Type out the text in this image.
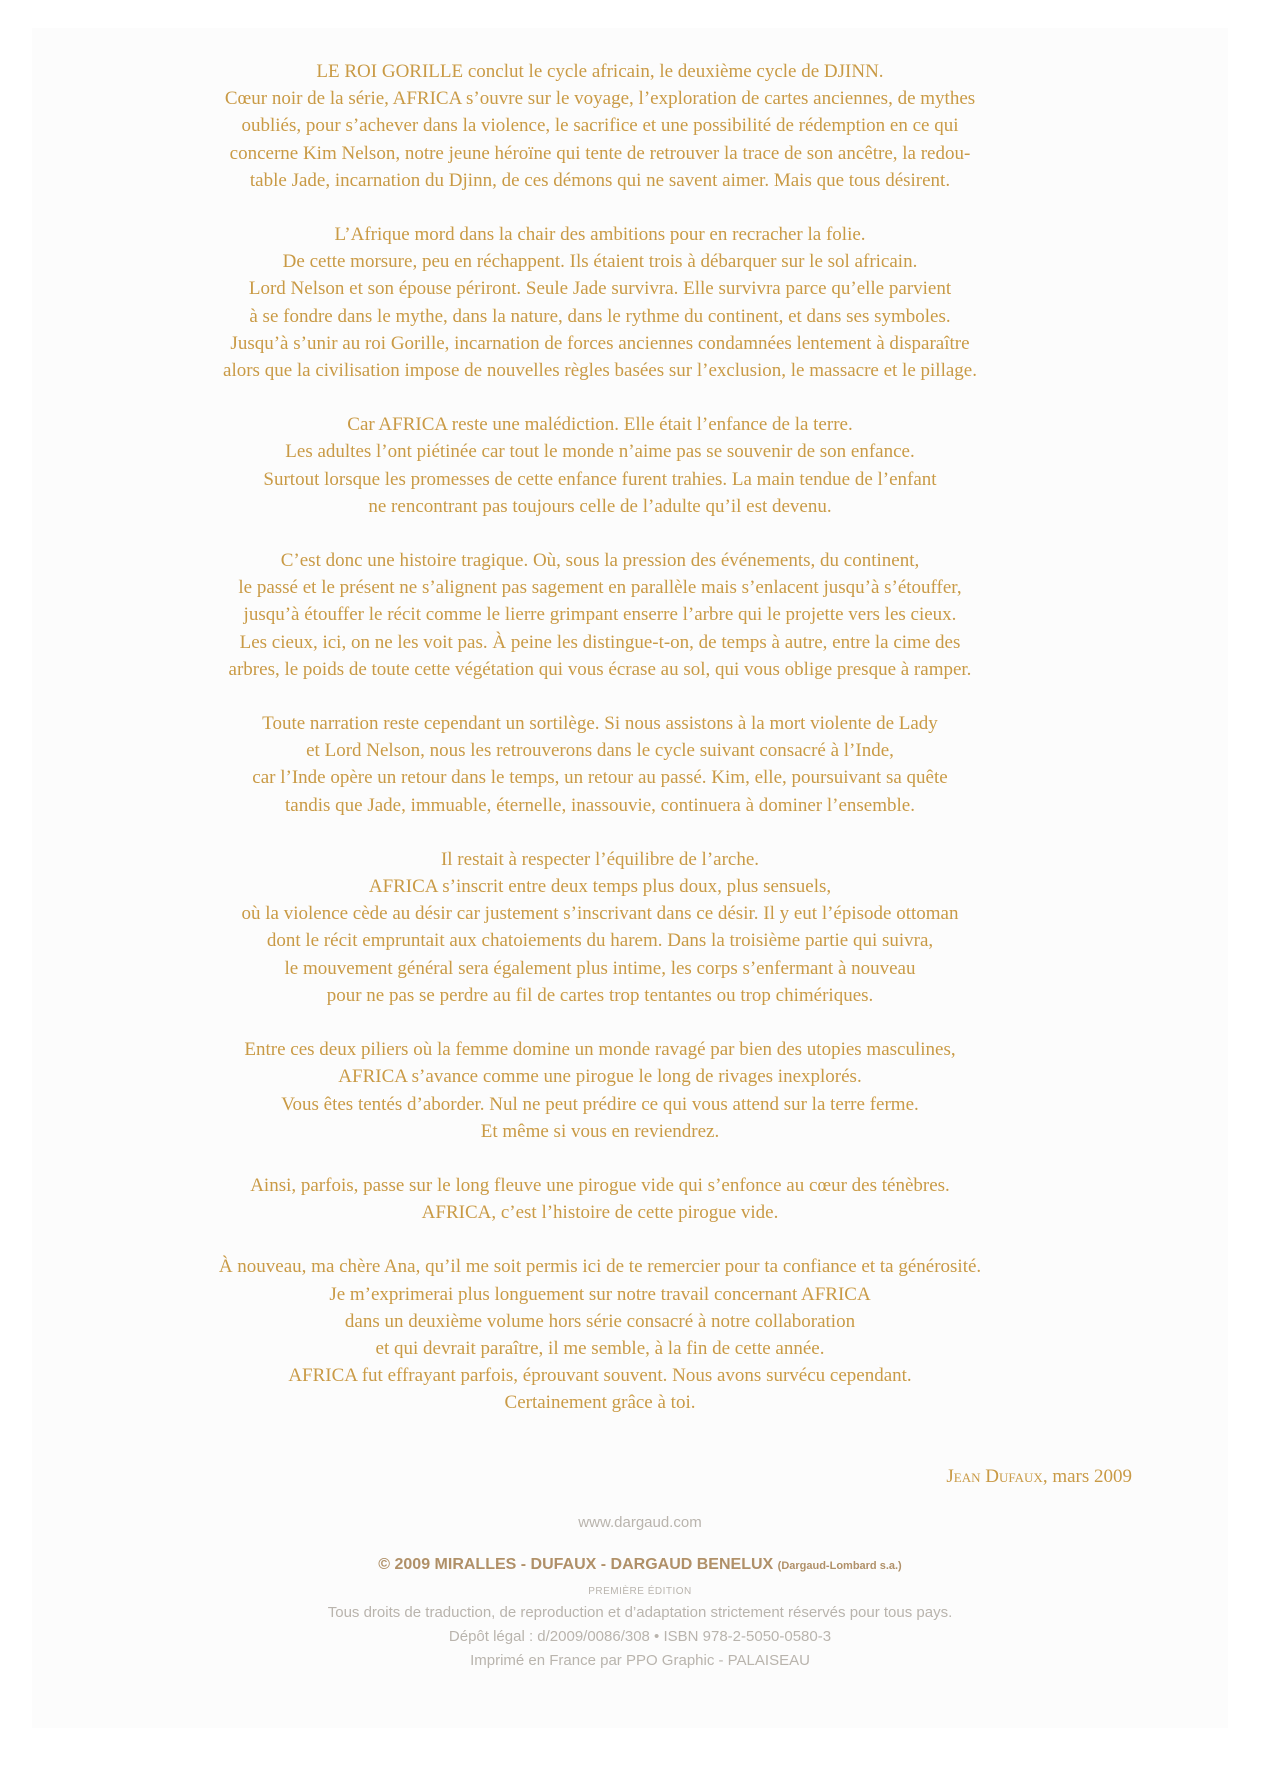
LE ROI GORILLE conclut le cycle africain, le deuxième cycle de DJINN.
Cœur noir de la série, AFRICA s’ouvre sur le voyage, l’exploration de cartes anciennes, de mythes
oubliés, pour s’achever dans la violence, le sacrifice et une possibilité de rédemption en ce qui
concerne Kim Nelson, notre jeune héroïne qui tente de retrouver la trace de son ancêtre, la redou-
table Jade, incarnation du Djinn, de ces démons qui ne savent aimer. Mais que tous désirent.

L’Afrique mord dans la chair des ambitions pour en recracher la folie.
De cette morsure, peu en réchappent. Ils étaient trois à débarquer sur le sol africain.
Lord Nelson et son épouse périront. Seule Jade survivra. Elle survivra parce qu’elle parvient
à se fondre dans le mythe, dans la nature, dans le rythme du continent, et dans ses symboles.
Jusqu’à s’unir au roi Gorille, incarnation de forces anciennes condamnées lentement à disparaître
alors que la civilisation impose de nouvelles règles basées sur l’exclusion, le massacre et le pillage.

Car AFRICA reste une malédiction. Elle était l’enfance de la terre.
Les adultes l’ont piétinée car tout le monde n’aime pas se souvenir de son enfance.
Surtout lorsque les promesses de cette enfance furent trahies. La main tendue de l’enfant
ne rencontrant pas toujours celle de l’adulte qu’il est devenu.

C’est donc une histoire tragique. Où, sous la pression des événements, du continent,
le passé et le présent ne s’alignent pas sagement en parallèle mais s’enlacent jusqu’à s’étouffer,
jusqu’à étouffer le récit comme le lierre grimpant enserre l’arbre qui le projette vers les cieux.
Les cieux, ici, on ne les voit pas. À peine les distingue-t-on, de temps à autre, entre la cime des
arbres, le poids de toute cette végétation qui vous écrase au sol, qui vous oblige presque à ramper.

Toute narration reste cependant un sortilège. Si nous assistons à la mort violente de Lady
et Lord Nelson, nous les retrouverons dans le cycle suivant consacré à l’Inde,
car l’Inde opère un retour dans le temps, un retour au passé. Kim, elle, poursuivant sa quête
tandis que Jade, immuable, éternelle, inassouvie, continuera à dominer l’ensemble.

Il restait à respecter l’équilibre de l’arche.
AFRICA s’inscrit entre deux temps plus doux, plus sensuels,
où la violence cède au désir car justement s’inscrivant dans ce désir. Il y eut l’épisode ottoman
dont le récit empruntait aux chatoiements du harem. Dans la troisième partie qui suivra,
le mouvement général sera également plus intime, les corps s’enfermant à nouveau
pour ne pas se perdre au fil de cartes trop tentantes ou trop chimériques.

Entre ces deux piliers où la femme domine un monde ravagé par bien des utopies masculines,
AFRICA s’avance comme une pirogue le long de rivages inexplorés.
Vous êtes tentés d’aborder. Nul ne peut prédire ce qui vous attend sur la terre ferme.
Et même si vous en reviendrez.

Ainsi, parfois, passe sur le long fleuve une pirogue vide qui s’enfonce au cœur des ténèbres.
AFRICA, c’est l’histoire de cette pirogue vide.

À nouveau, ma chère Ana, qu’il me soit permis ici de te remercier pour ta confiance et ta générosité.
Je m’exprimerai plus longuement sur notre travail concernant AFRICA
dans un deuxième volume hors série consacré à notre collaboration
et qui devrait paraître, il me semble, à la fin de cette année.
AFRICA fut effrayant parfois, éprouvant souvent. Nous avons survécu cependant.
Certainement grâce à toi.

Jean Dufaux, mars 2009
www.dargaud.com
© 2009 MIRALLES - DUFAUX - DARGAUD BENELUX (Dargaud-Lombard s.a.)
PREMIÈRE ÉDITION
Tous droits de traduction, de reproduction et d’adaptation strictement réservés pour tous pays.
Dépôt légal : d/2009/0086/308 • ISBN 978-2-5050-0580-3
Imprimé en France par PPO Graphic - PALAISEAU
